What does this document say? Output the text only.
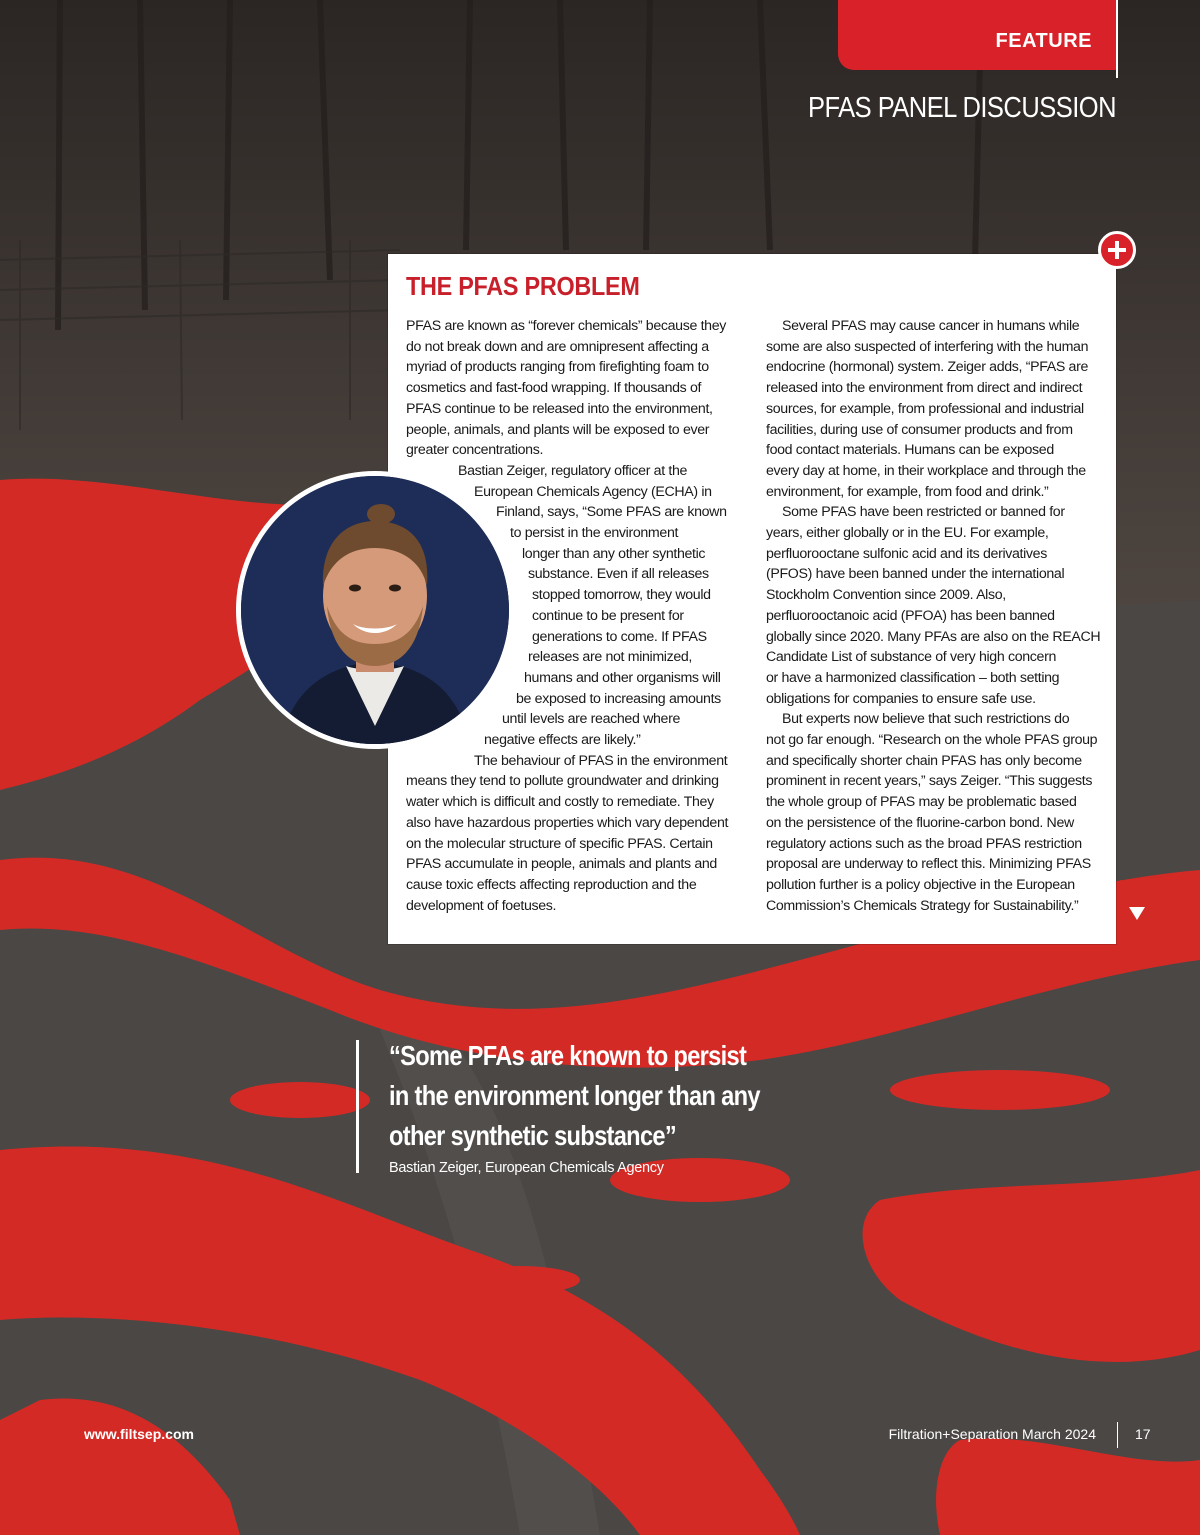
FEATURE
PFAS PANEL DISCUSSION
THE PFAS PROBLEM

PFAS are known as “forever chemicals” because they

do not break down and are omnipresent affecting a

myriad of products ranging from firefighting foam to

cosmetics and fast-food wrapping. If thousands of

PFAS continue to be released into the environment,

people, animals, and plants will be exposed to ever

greater concentrations.

Bastian Zeiger, regulatory officer at the

European Chemicals Agency (ECHA) in

Finland, says, “Some PFAS are known

to persist in the environment

longer than any other synthetic

substance. Even if all releases

stopped tomorrow, they would

continue to be present for

generations to come. If PFAS

releases are not minimized,

humans and other organisms will

be exposed to increasing amounts

until levels are reached where

negative effects are likely.”

The behaviour of PFAS in the environment

means they tend to pollute groundwater and drinking

water which is difficult and costly to remediate. They

also have hazardous properties which vary dependent

on the molecular structure of specific PFAS. Certain

PFAS accumulate in people, animals and plants and

cause toxic effects affecting reproduction and the

development of foetuses.

Several PFAS may cause cancer in humans while

some are also suspected of interfering with the human

endocrine (hormonal) system. Zeiger adds, “PFAS are

released into the environment from direct and indirect

sources, for example, from professional and industrial

facilities, during use of consumer products and from

food contact materials. Humans can be exposed

every day at home, in their workplace and through the

environment, for example, from food and drink.”

Some PFAS have been restricted or banned for

years, either globally or in the EU. For example,

perfluorooctane sulfonic acid and its derivatives

(PFOS) have been banned under the international

Stockholm Convention since 2009. Also,

perfluorooctanoic acid (PFOA) has been banned

globally since 2020. Many PFAs are also on the REACH

Candidate List of substance of very high concern

or have a harmonized classification – both setting

obligations for companies to ensure safe use.

But experts now believe that such restrictions do

not go far enough. “Research on the whole PFAS group

and specifically shorter chain PFAS has only become

prominent in recent years,” says Zeiger. “This suggests

the whole group of PFAS may be problematic based

on the persistence of the fluorine-carbon bond. New

regulatory actions such as the broad PFAS restriction

proposal are underway to reflect this. Minimizing PFAS

pollution further is a policy objective in the European

Commission’s Chemicals Strategy for Sustainability.”

“Some PFAs are known to persist
in the environment longer than any
other synthetic substance”
Bastian Zeiger, European Chemicals Agency
www.filtsep.com	Filtration+Separation March 2024	17
